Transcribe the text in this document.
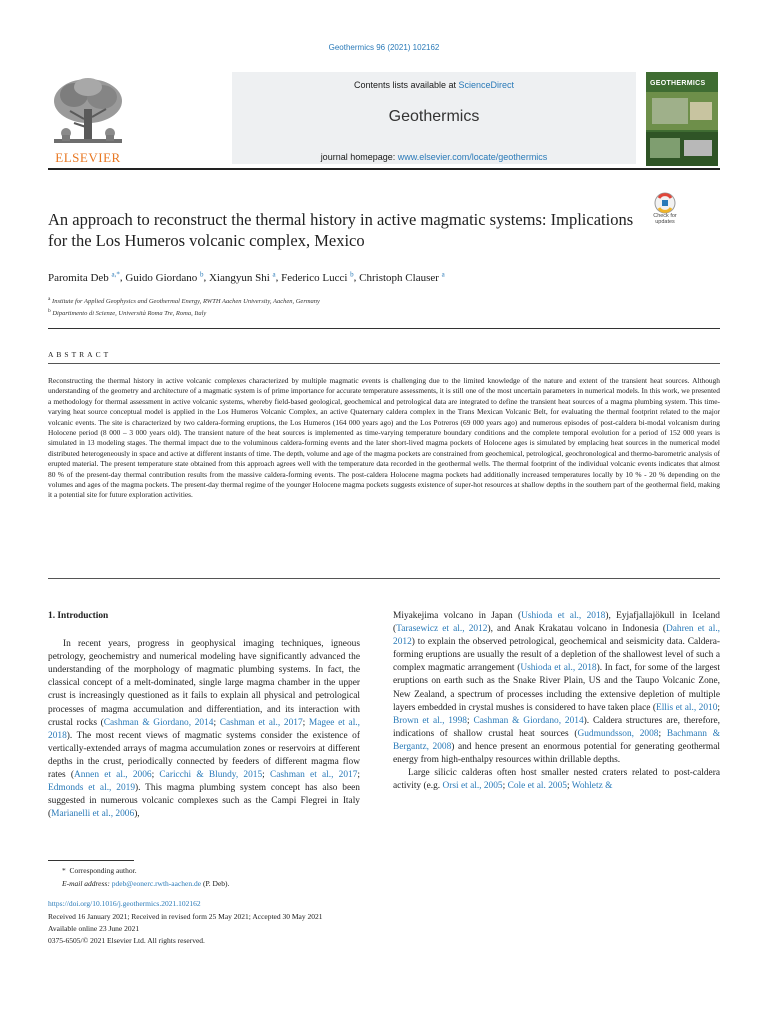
Geothermics 96 (2021) 102162
ELSEVIER
Contents lists available at ScienceDirect
Geothermics
journal homepage: www.elsevier.com/locate/geothermics
GEOTHERMICS
An approach to reconstruct the thermal history in active magmatic systems: Implications for the Los Humeros volcanic complex, Mexico
Check for updates
Paromita Deb $^{a,*}$, Guido Giordano $^b$, Xiangyun Shi $^a$, Federico Lucci $^b$, Christoph Clauser $^a$
$^a$ Institute for Applied Geophysics and Geothermal Energy, RWTH Aachen University, Aachen, Germany
$^b$ Dipartimento di Scienze, Università Roma Tre, Roma, Italy
ABSTRACT
Reconstructing the thermal history in active volcanic complexes characterized by multiple magmatic events is challenging due to the limited knowledge of the nature and extent of the transient heat sources. Although understanding of the geometry and architecture of a magmatic system is of prime importance for accurate temperature assessments, it is still one of the most uncertain parameters in numerical models. In this work, we presented a methodology for thermal assessment in active volcanic systems, whereby field-based geological, geochemical and petrological data are integrated to define the transient heat sources of a magma plumbing system. This time-varying heat source conceptual model is applied in the Los Humeros Volcanic Complex, an active Quaternary caldera complex in the Trans Mexican Volcanic Belt, for evaluating the thermal footprint related to the major volcanic events. The site is characterized by two caldera-forming eruptions, the Los Humeros (164 000 years ago) and the Los Potreros (69 000 years ago) and numerous episodes of post-caldera bi-modal volcanism during Holocene period (8 000 – 3 000 years old). The transient nature of the heat sources is implemented as time-varying temperature boundary conditions and the complete temporal evolution for a period of 152 000 years is simulated in 13 modeling stages. The thermal impact due to the voluminous caldera-forming events and the later short-lived magma pockets of Holocene ages is simulated by emplacing heat sources in the numerical model distributed heterogeneously in space and active at different instants of time. The depth, volume and age of the magma pockets are constrained from geochemical, petrological, geochronological and thermo-barometric analysis of erupted material. The present temperature state obtained from this approach agrees well with the temperature data recorded in the geothermal wells. The thermal footprint of the individual volcanic events indicates that almost 80 % of the present-day thermal contribution results from the massive caldera-forming events. The post-caldera Holocene magma pockets had additionally increased temperatures locally by 10 % - 20 % depending on the volumes and ages of the magma pockets. The present-day thermal regime of the younger Holocene magma pockets suggests existence of super-hot resources at shallow depths in the southern part of the geothermal field, making it a potential site for future exploration activities.
1. Introduction

In recent years, progress in geophysical imaging techniques, igneous petrology, geochemistry and numerical modeling have significantly advanced the understanding of the morphology of magmatic plumbing systems. In fact, the classical concept of a melt-dominated, single large magma chamber in the upper crust is increasingly questioned as it fails to explain all physical and petrological processes of magma accumulation and differentiation, and its interaction with crustal rocks (Cashman & Giordano, 2014; Cashman et al., 2017; Magee et al., 2018). The most recent views of magmatic systems consider the existence of vertically-extended arrays of magma accumulation zones or reservoirs at different depths in the crust, periodically connected by feeders of different magma flow rates (Annen et al., 2006; Caricchi & Blundy, 2015; Cashman et al., 2017; Edmonds et al., 2019). This magma plumbing system concept has also been suggested in numerous volcanic complexes such as the Campi Flegrei in Italy (Marianelli et al., 2006),

Miyakejima volcano in Japan (Ushioda et al., 2018), Eyjafjallajökull in Iceland (Tarasewicz et al., 2012), and Anak Krakatau volcano in Indonesia (Dahren et al., 2012) to explain the observed petrological, geochemical and seismicity data. Caldera-forming eruptions are usually the result of a depletion of the shallowest level of such a complex magmatic arrangement (Ushioda et al., 2018). In fact, for some of the largest eruptions on earth such as the Snake River Plain, US and the Taupo Volcanic Zone, New Zealand, a spectrum of processes including the extensive depletion of multiple layers embedded in crystal mushes is considered to have taken place (Ellis et al., 2010; Brown et al., 1998; Cashman & Giordano, 2014). Caldera structures are, therefore, indications of shallow crustal heat sources (Gudmundsson, 2008; Bachmann & Bergantz, 2008) and hence present an enormous potential for generating geothermal energy from high-enthalpy resources within drillable depths.

Large silicic calderas often host smaller nested craters related to post-caldera activity (e.g. Orsi et al., 2005; Cole et al. 2005; Wohletz &

* Corresponding author.
E-mail address: pdeb@eonerc.rwth-aachen.de (P. Deb).
https://doi.org/10.1016/j.geothermics.2021.102162
Received 16 January 2021; Received in revised form 25 May 2021; Accepted 30 May 2021
Available online 23 June 2021
0375-6505/© 2021 Elsevier Ltd. All rights reserved.
